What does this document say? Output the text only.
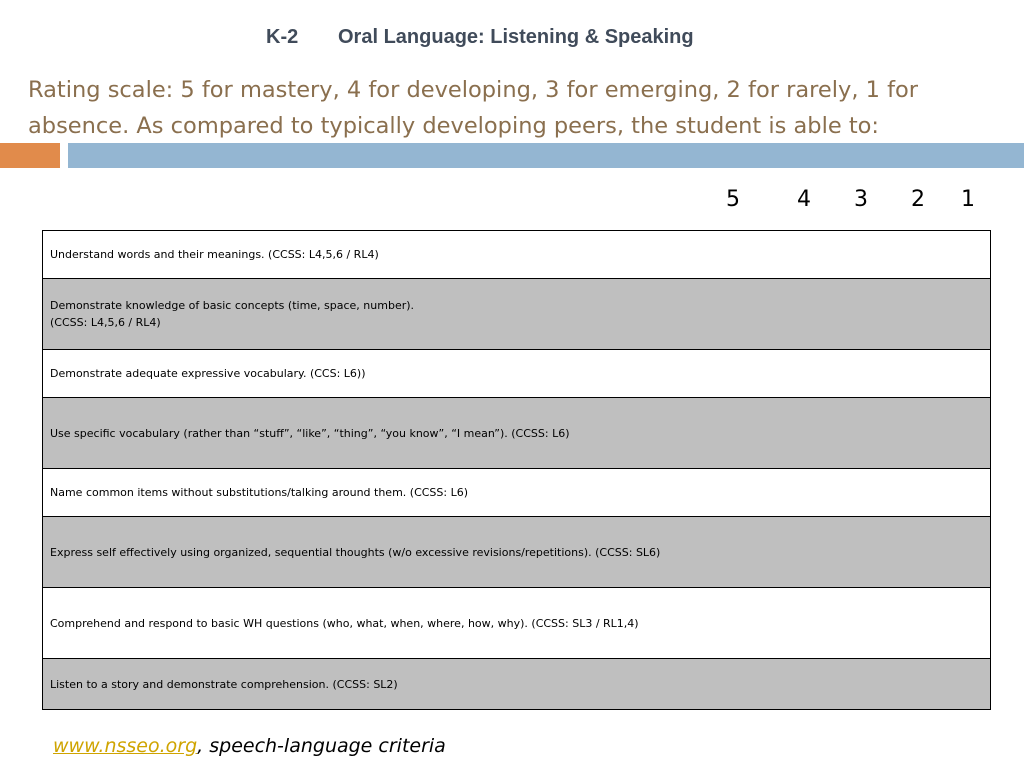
K-2 Oral Language: Listening & Speaking
Rating scale: 5 for mastery, 4 for developing, 3 for emerging, 2 for rarely, 1 for absence. As compared to typically developing peers, the student is able to:
5	4 3 2 1
Understand words and their meanings. (CCSS: L4,5,6 / RL4)
Demonstrate knowledge of basic concepts (time, space, number).
(CCSS: L4,5,6 / RL4)
Demonstrate adequate expressive vocabulary. (CCS: L6))
Use specific vocabulary (rather than “stuff”, “like”, “thing”, “you know”, “I mean”). (CCSS: L6)
Name common items without substitutions/talking around them. (CCSS: L6)
Express self effectively using organized, sequential thoughts (w/o excessive revisions/repetitions). (CCSS: SL6)
Comprehend and respond to basic WH questions (who, what, when, where, how, why). (CCSS: SL3 / RL1,4)
Listen to a story and demonstrate comprehension. (CCSS: SL2)
www.nsseo.org, speech-language criteria
